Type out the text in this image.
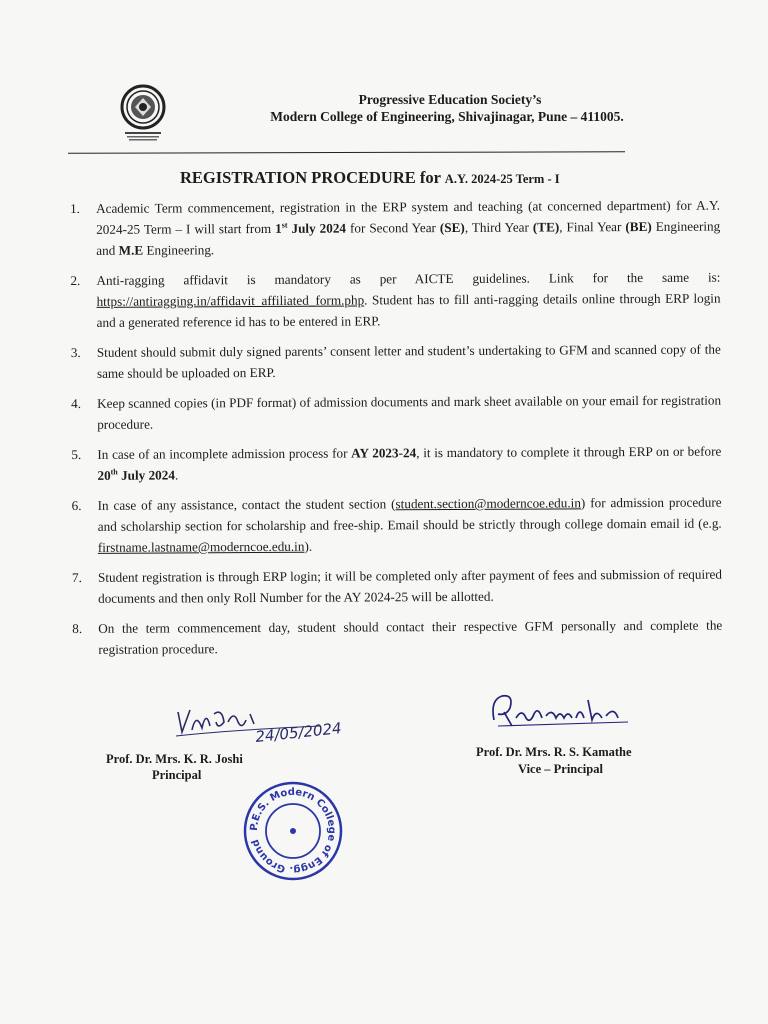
Progressive Education Society’s
Modern College of Engineering, Shivajinagar, Pune – 411005.
REGISTRATION PROCEDURE for A.Y. 2024-25 Term - I
1.	Academic Term commencement, registration in the ERP system and teaching (at concerned department) for A.Y. 2024-25 Term – I will start from 1st July 2024 for Second Year (SE), Third Year (TE), Final Year (BE) Engineering and M.E Engineering.
2.	Anti-ragging affidavit is mandatory as per AICTE guidelines. Link for the same is: https://antiragging.in/affidavit_affiliated_form.php. Student has to fill anti-ragging details online through ERP login and a generated reference id has to be entered in ERP.
3.	Student should submit duly signed parents’ consent letter and student’s undertaking to GFM and scanned copy of the same should be uploaded on ERP.
4.	Keep scanned copies (in PDF format) of admission documents and mark sheet available on your email for registration procedure.
5.	In case of an incomplete admission process for AY 2023-24, it is mandatory to complete it through ERP on or before 20th July 2024.
6.	In case of any assistance, contact the student section (student.section@moderncoe.edu.in) for admission procedure and scholarship section for scholarship and free-ship. Email should be strictly through college domain email id (e.g. firstname.lastname@moderncoe.edu.in).
7.	Student registration is through ERP login; it will be completed only after payment of fees and submission of required documents and then only Roll Number for the AY 2024-25 will be allotted.
8.	On the term commencement day, student should contact their respective GFM personally and complete the registration procedure.
24/05/2024
Prof. Dr. Mrs. K. R. Joshi
Principal
Prof. Dr. Mrs. R. S. Kamathe
Vice – Principal
P.E.S. Modern College of Engg. Ground
